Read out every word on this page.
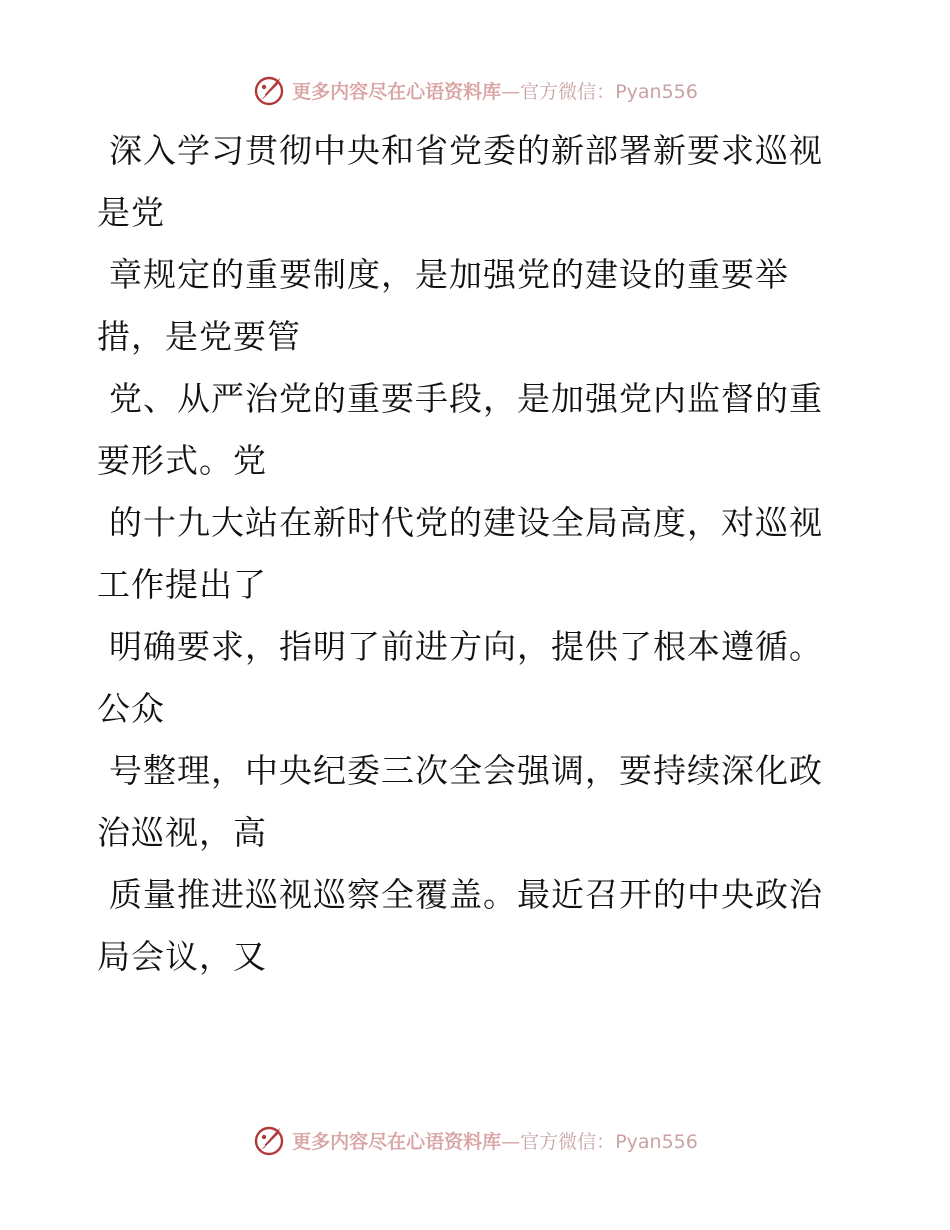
更多内容尽在心语资料库—官方微信：Pyan556

深入学习贯彻中央和省党委的新部署新要求巡视
是党

章规定的重要制度，是加强党的建设的重要举
措，是党要管

党、从严治党的重要手段，是加强党内监督的重
要形式。党

的十九大站在新时代党的建设全局高度，对巡视
工作提出了

明确要求，指明了前进方向，提供了根本遵循。
公众

号整理，中央纪委三次全会强调，要持续深化政
治巡视，高

质量推进巡视巡察全覆盖。最近召开的中央政治
局会议，又

更多内容尽在心语资料库—官方微信：Pyan556
